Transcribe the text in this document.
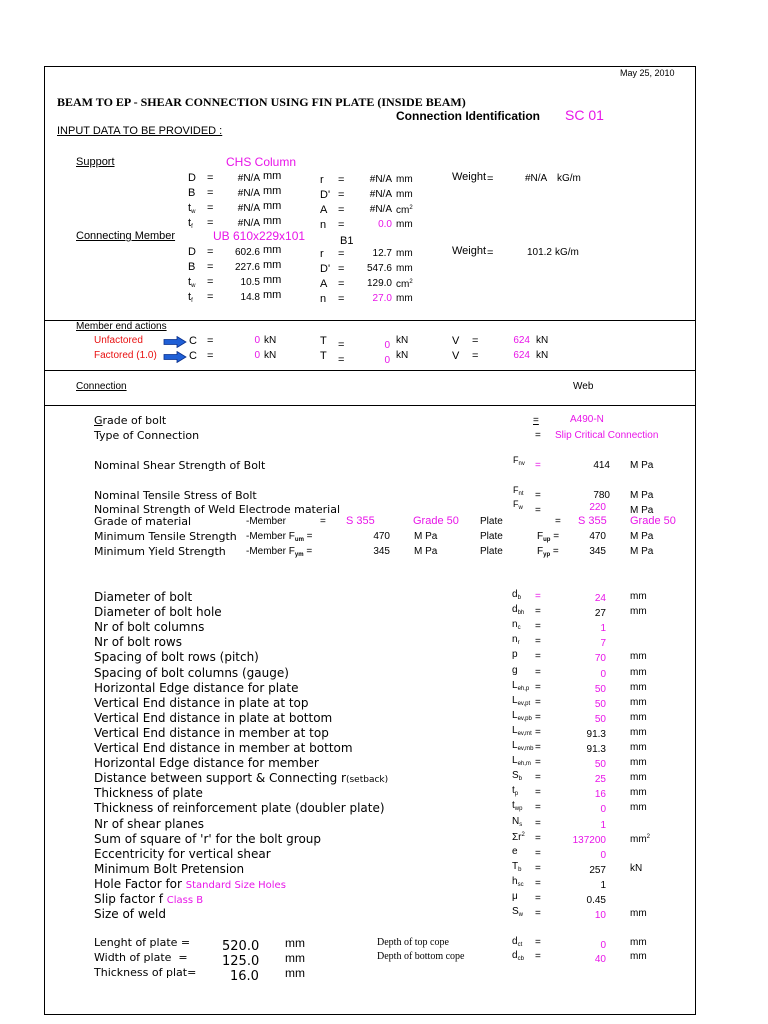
May 25, 2010
BEAM TO EP - SHEAR CONNECTION USING FIN PLATE (INSIDE BEAM)
Connection Identification SC 01
INPUT DATA TO BE PROVIDED :
Support	CHS Column
D =	#N/A mm	r =	#N/A mm
B =	#N/A mm	D' =	#N/A mm
$t_w$ =	#N/A mm	A =	#N/A $cm^2$
$t_f$ =	#N/A mm	n =	0.0 mm
Weight =	#N/A kG/m
Connecting Member	UB 610x229x101	B1
D =	602.6 mm	r =	12.7 mm
B =	227.6 mm	D' =	547.6 mm
$t_w$ =	10.5 mm	A =	129.0 $cm^2$
$t_f$ =	14.8 mm	n =	27.0 mm
Weight =	101.2 kG/m
Member end actions
Unfactored	C =	0 kN	T =	0 kN	V =	624 kN
Factored (1.0)	C =	0 kN	T =	0 kN	V =	624 kN
Connection	Web
Grade of bolt	=	A490-N
Type of Connection	= Slip Critical Connection
Nominal Shear Strength of Bolt	$F_{nv}$ =	414 M Pa
Nominal Tensile Stress of Bolt	$F_{nt}$ =	780 M Pa
Nominal Strength of Weld Electrode material	$F_w$ =	220 M Pa
Grade of material	-Member	= S 355	Grade 50 Plate	= S 355 Grade 50
Minimum Tensile Strength -Member $F_{um}$ =	470 M Pa	Plate	$F_{up}$ =	470 M Pa
Minimum Yield Strength -Member $F_{ym}$ =	345 M Pa	Plate	$F_{yp}$ =	345 M Pa
Diameter of bolt	$d_b$ =	24 mm
Diameter of bolt hole	$d_{bh}$ =	27 mm
Nr of bolt columns	$n_c$ =	1
Nr of bolt rows	$n_r$ =	7
Spacing of bolt rows (pitch)	p =	70 mm
Spacing of bolt columns (gauge)	g =	0 mm
Horizontal Edge distance for plate	$L_{eh,p}$ =	50 mm
Vertical End distance in plate at top	$L_{ev,pt}$ =	50 mm
Vertical End distance in plate at bottom	$L_{ev,pb}$ =	50 mm
Vertical End distance in member at top	$L_{ev,mt}$ =	91.3 mm
Vertical End distance in member at bottom	$L_{ev,mb}$ =	91.3 mm
Horizontal Edge distance for member	$L_{eh,m}$ =	50 mm
Distance between support & Connecting r(setback)	$S_b$ =	25 mm
Thickness of plate	$t_p$ =	16 mm
Thickness of reinforcement plate (doubler plate)	$t_{wp}$ =	0 mm
Nr of shear planes	$N_s$ =	1
Sum of square of 'r' for the bolt group	$\Sigma r^2$ =	137200 $mm^2$
Eccentricity for vertical shear	e =	0
Minimum Bolt Pretension	$T_b$ =	257 kN
Hole Factor for Standard Size Holes	$h_{sc}$ =	1
Slip factor f Class B	μ =	0.45
Size of weld	$S_w$ =	10 mm
Lenght of plate = 520.0 mm
Width of plate  =	125.0 mm
Thickness of plat=	16.0 mm
Depth of top cope	$d_{ct}$ =	0 mm
Depth of bottom cope	$d_{cb}$ =	40 mm
